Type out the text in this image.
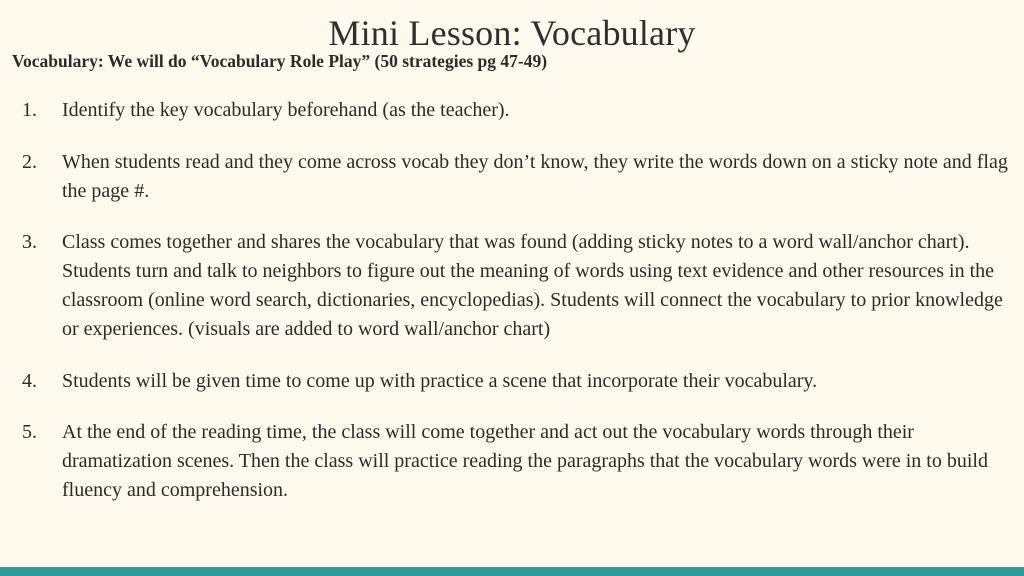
Mini Lesson: Vocabulary
Vocabulary: We will do “Vocabulary Role Play” (50 strategies pg 47-49)
1.	Identify the key vocabulary beforehand (as the teacher).
2.	When students read and they come across vocab they don’t know, they write the words down on a sticky note and flag the page #.
3.	Class comes together and shares the vocabulary that was found (adding sticky notes to a word wall/anchor chart). Students turn and talk to neighbors to figure out the meaning of words using text evidence and other resources in the classroom (online word search, dictionaries, encyclopedias). Students will connect the vocabulary to prior knowledge or experiences. (visuals are added to word wall/anchor chart)
4.	Students will be given time to come up with practice a scene that incorporate their vocabulary.
5.	At the end of the reading time, the class will come together and act out the vocabulary words through their dramatization scenes. Then the class will practice reading the paragraphs that the vocabulary words were in to build fluency and comprehension.
